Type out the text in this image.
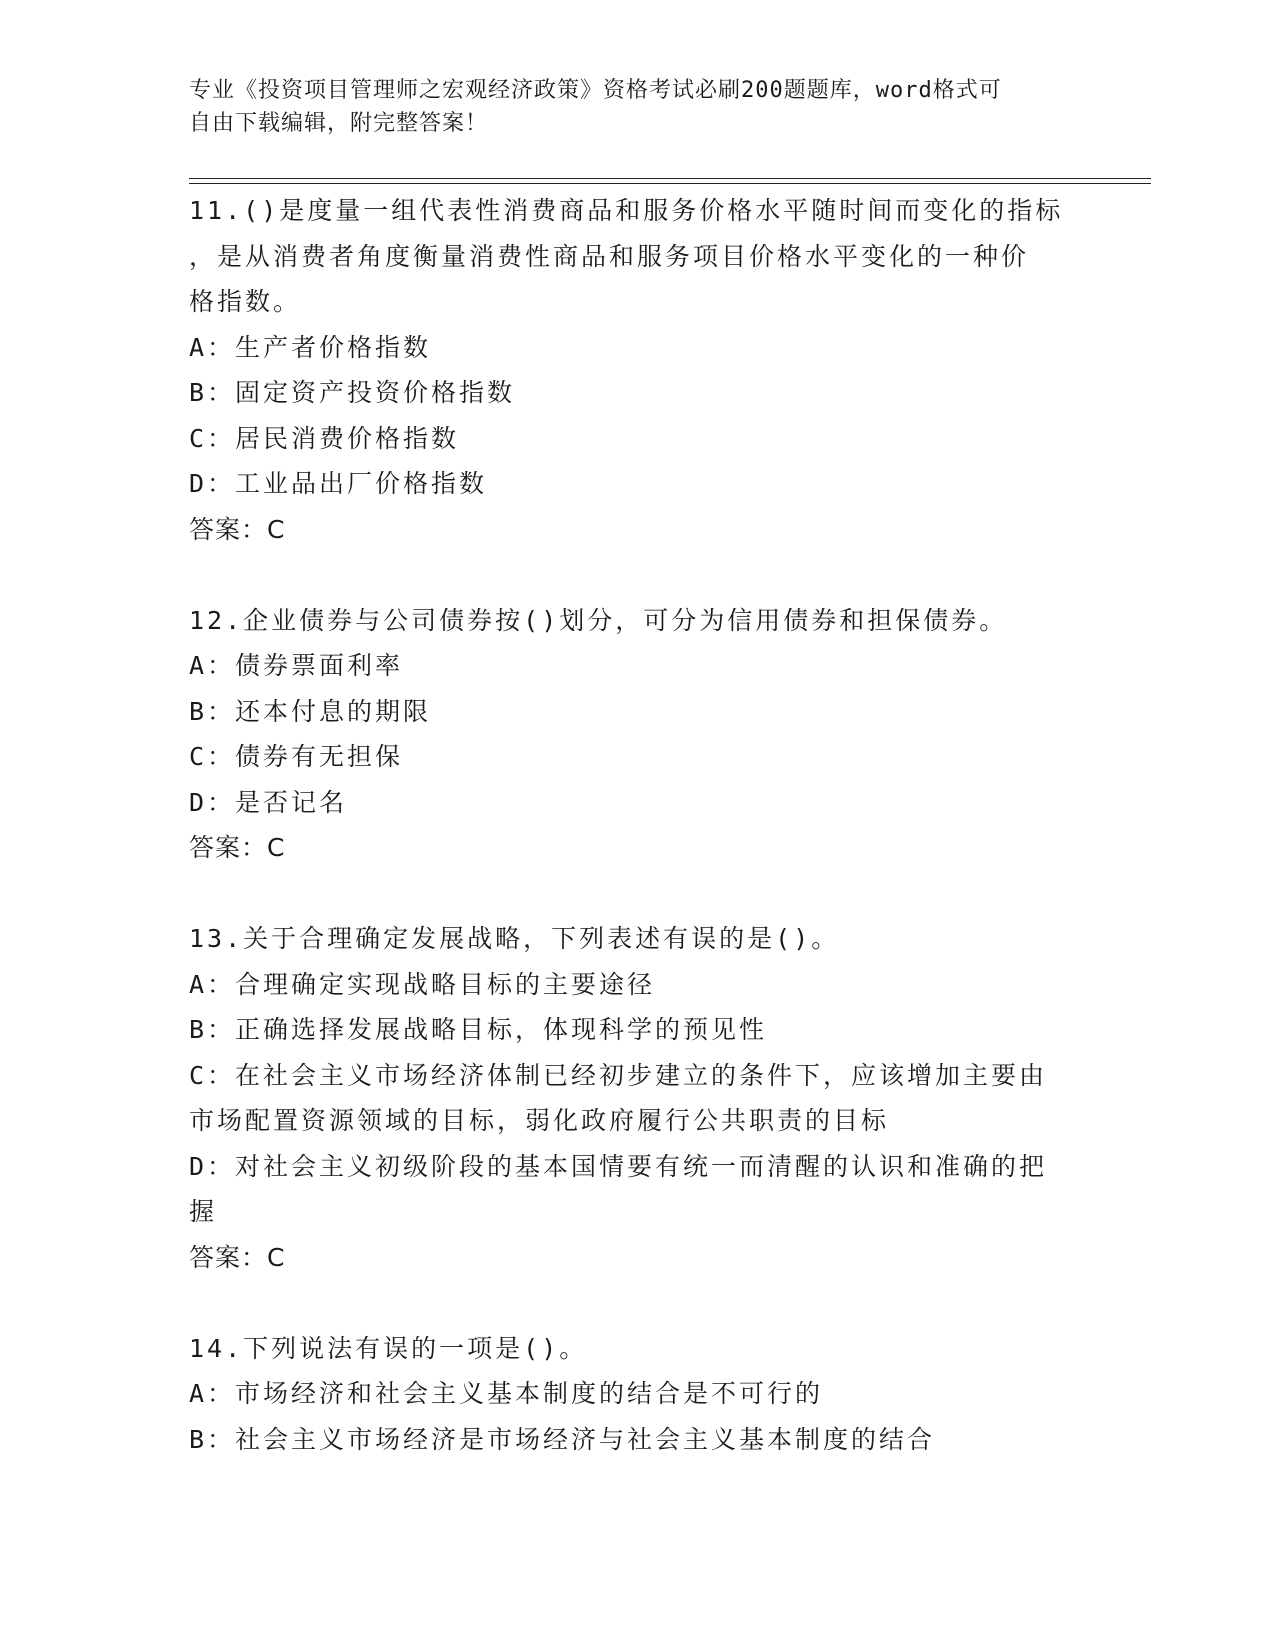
专业《投资项目管理师之宏观经济政策》资格考试必刷200题题库，word格式可
自由下载编辑，附完整答案！
11.()是度量一组代表性消费商品和服务价格水平随时间而变化的指标
，是从消费者角度衡量消费性商品和服务项目价格水平变化的一种价
格指数。
A：生产者价格指数
B：固定资产投资价格指数
C：居民消费价格指数
D：工业品出厂价格指数
答案：C
12.企业债券与公司债券按()划分，可分为信用债券和担保债券。
A：债券票面利率
B：还本付息的期限
C：债券有无担保
D：是否记名
答案：C
13.关于合理确定发展战略，下列表述有误的是()。
A：合理确定实现战略目标的主要途径
B：正确选择发展战略目标，体现科学的预见性
C：在社会主义市场经济体制已经初步建立的条件下，应该增加主要由
市场配置资源领域的目标，弱化政府履行公共职责的目标
D：对社会主义初级阶段的基本国情要有统一而清醒的认识和准确的把
握
答案：C
14.下列说法有误的一项是()。
A：市场经济和社会主义基本制度的结合是不可行的
B：社会主义市场经济是市场经济与社会主义基本制度的结合
